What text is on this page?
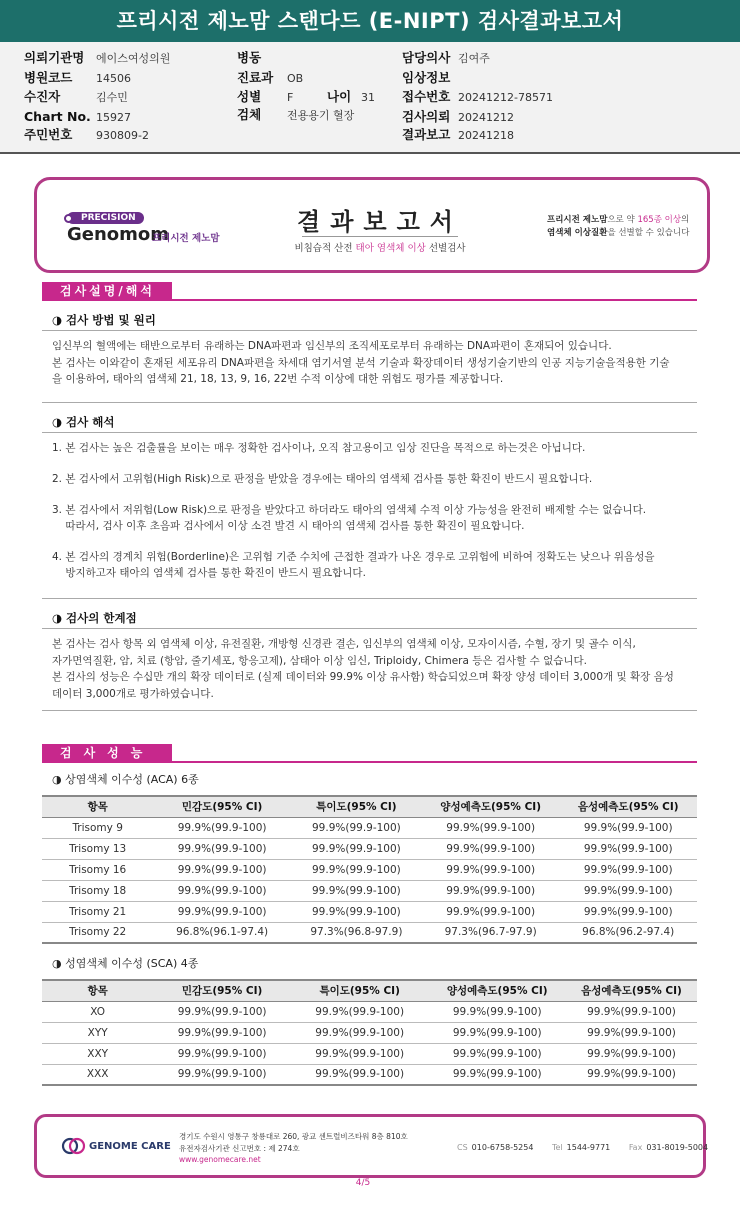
프리시전 제노맘 스탠다드 (E-NIPT) 검사결과보고서
의뢰기관명 에이스여성의원
병원코드 14506
수진자	김수민
Chart No. 15927
주민번호 930809-2
병동
진료과 OB
성별 F	나이 31
검체 전용용기 혈장
담당의사 김여주
임상정보
접수번호 20241212-78571
검사의뢰 20241212
결과보고 20241218
PRECISION
Genomom
프리시전 제노맘
결과보고서
비침습적 산전 태아 염색체 이상 선별검사
프리시전 제노맘으로 약 165종 이상의
염색체 이상질환을 선별할 수 있습니다
검사설명/해석
◑ 검사 방법 및 원리
임신부의 혈액에는 태반으로부터 유래하는 DNA파편과 임신부의 조직세포로부터 유래하는 DNA파편이 혼재되어 있습니다.
본 검사는 이와같이 혼재된 세포유리 DNA파편을 차세대 염기서열 분석 기술과 확장데이터 생성기술기반의 인공 지능기술을적용한 기술
을 이용하여, 태아의 염색체 21, 18, 13, 9, 16, 22번 수적 이상에 대한 위험도 평가를 제공합니다.
◑ 검사 해석
1. 본 검사는 높은 검출률을 보이는 매우 정확한 검사이나, 오직 참고용이고 임상 진단을 목적으로 하는것은 아닙니다.
2. 본 검사에서 고위험(High Risk)으로 판정을 받았을 경우에는 태아의 염색체 검사를 통한 확진이 반드시 필요합니다.
3. 본 검사에서 저위험(Low Risk)으로 판정을 받았다고 하더라도 태아의 염색체 수적 이상 가능성을 완전히 배제할 수는 없습니다.
따라서, 검사 이후 초음파 검사에서 이상 소견 발견 시 태아의 염색체 검사를 통한 확진이 필요합니다.
4. 본 검사의 경계치 위험(Borderline)은 고위험 기준 수치에 근접한 결과가 나온 경우로 고위험에 비하여 정확도는 낮으나 위음성을
방지하고자 태아의 염색체 검사를 통한 확진이 반드시 필요합니다.
◑ 검사의 한계점
본 검사는 검사 항목 외 염색체 이상, 유전질환, 개방형 신경관 결손, 임신부의 염색체 이상, 모자이시즘, 수혈, 장기 및 골수 이식,
자가면역질환, 암, 치료 (항암, 줄기세포, 항응고제), 삼태아 이상 임신, Triploidy, Chimera 등은 검사할 수 없습니다.
본 검사의 성능은 수십만 개의 확장 데이터로 (실제 데이터와 99.9% 이상 유사함) 학습되었으며 확장 양성 데이터 3,000개 및 확장 음성
데이터 3,000개로 평가하였습니다.
검사성능
◑ 상염색체 이수성 (ACA) 6종
항목	민감도(95% CI)	특이도(95% CI)	양성예측도(95% CI)	음성예측도(95% CI)
Trisomy 9	99.9%(99.9-100)	99.9%(99.9-100)	99.9%(99.9-100)	99.9%(99.9-100)
Trisomy 13	99.9%(99.9-100)	99.9%(99.9-100)	99.9%(99.9-100)	99.9%(99.9-100)
Trisomy 16	99.9%(99.9-100)	99.9%(99.9-100)	99.9%(99.9-100)	99.9%(99.9-100)
Trisomy 18	99.9%(99.9-100)	99.9%(99.9-100)	99.9%(99.9-100)	99.9%(99.9-100)
Trisomy 21	99.9%(99.9-100)	99.9%(99.9-100)	99.9%(99.9-100)	99.9%(99.9-100)
Trisomy 22	96.8%(96.1-97.4)	97.3%(96.8-97.9)	97.3%(96.7-97.9)	96.8%(96.2-97.4)
◑ 성염색체 이수성 (SCA) 4종
항목	민감도(95% CI)	특이도(95% CI)	양성예측도(95% CI)	음성예측도(95% CI)
XO	99.9%(99.9-100)	99.9%(99.9-100)	99.9%(99.9-100)	99.9%(99.9-100)
XYY	99.9%(99.9-100)	99.9%(99.9-100)	99.9%(99.9-100)	99.9%(99.9-100)
XXY	99.9%(99.9-100)	99.9%(99.9-100)	99.9%(99.9-100)	99.9%(99.9-100)
XXX	99.9%(99.9-100)	99.9%(99.9-100)	99.9%(99.9-100)	99.9%(99.9-100)
GENOME CARE
경기도 수원시 영통구 창룡대로 260, 광교 센트럴비즈타워 8층 810호
유전자검사기관 신고번호 : 제 274호
www.genomecare.net
CS 010-6758-5254 Tel 1544-9771 Fax 031-8019-5004
4/5
